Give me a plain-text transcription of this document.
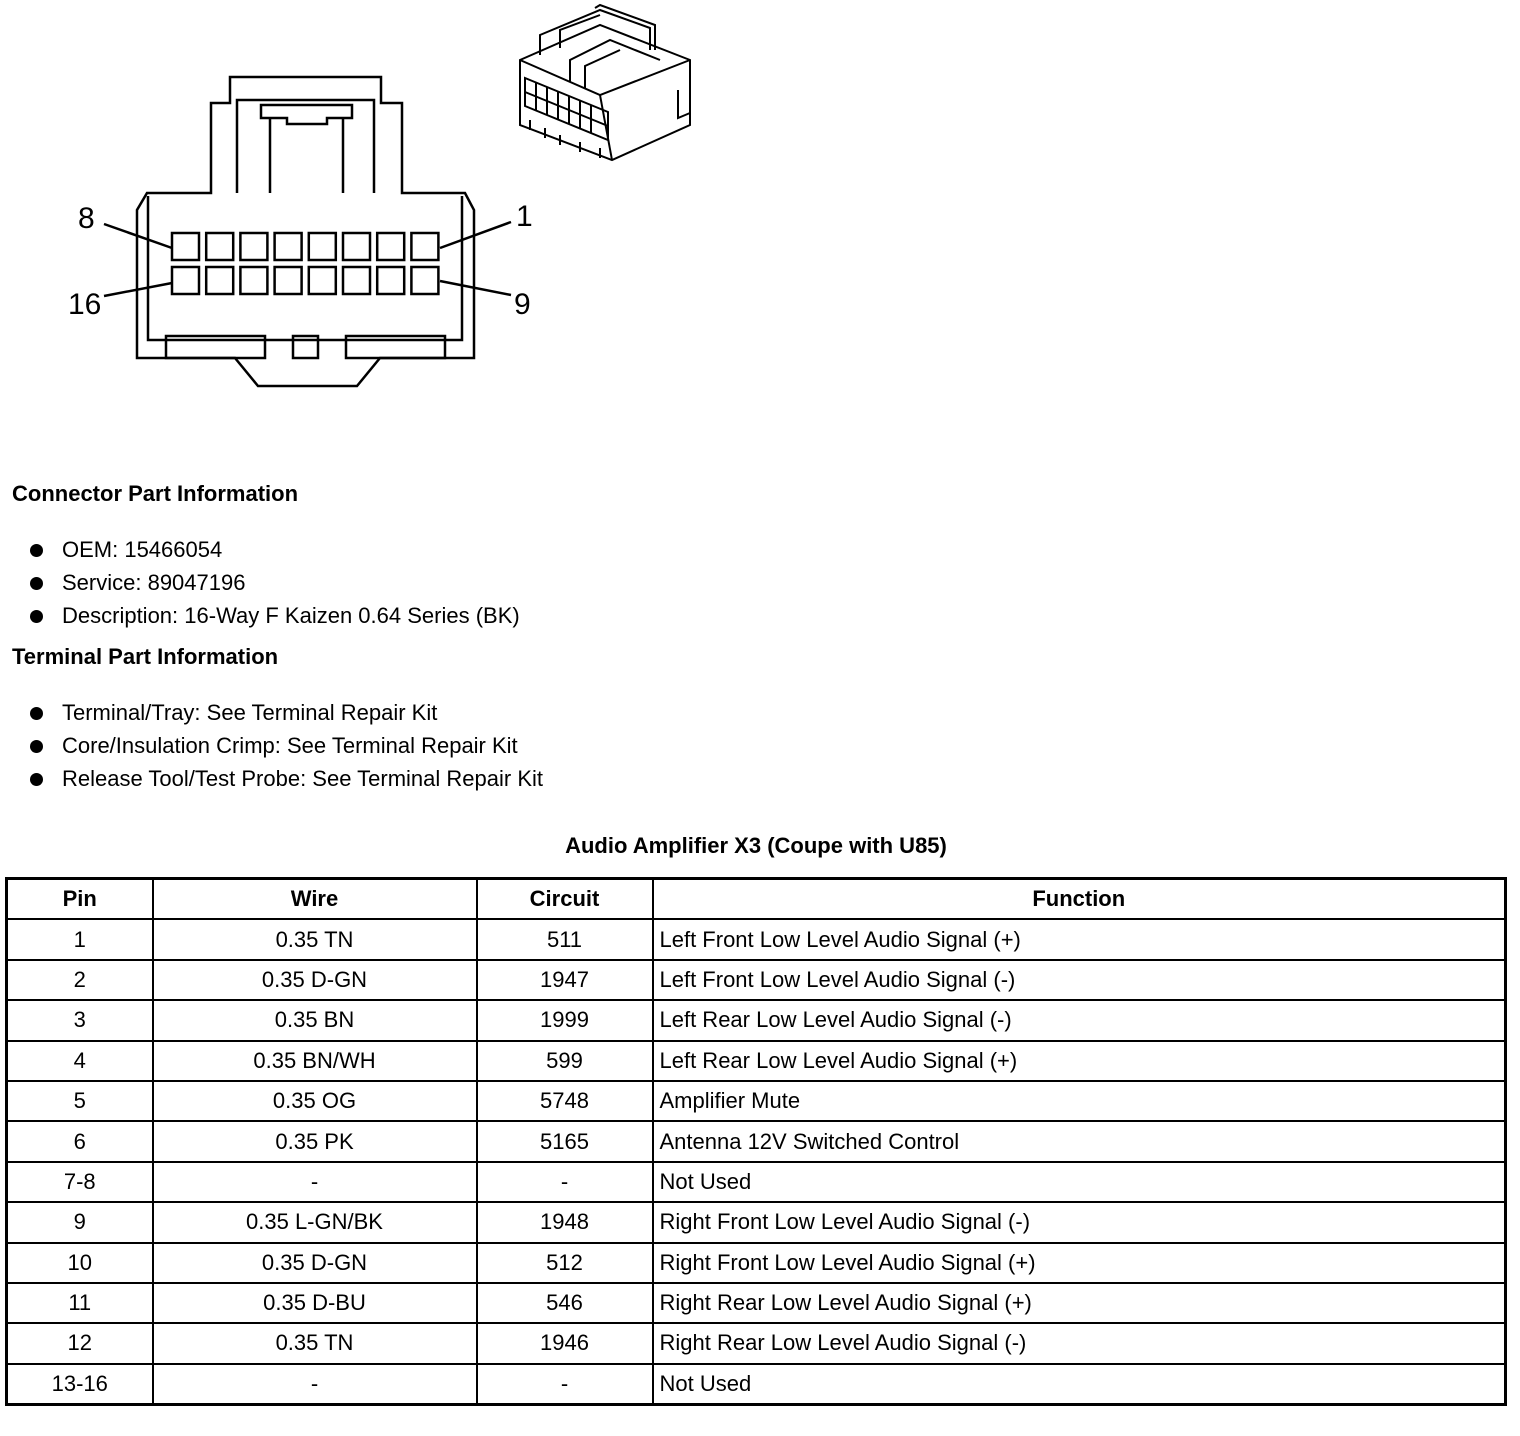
8	1
16	9
Connector Part Information
OEM: 15466054
Service: 89047196
Description: 16-Way F Kaizen 0.64 Series (BK)
Terminal Part Information
Terminal/Tray: See Terminal Repair Kit
Core/Insulation Crimp: See Terminal Repair Kit
Release Tool/Test Probe: See Terminal Repair Kit
Audio Amplifier X3 (Coupe with U85)
Pin	Wire	Circuit	Function
1	0.35 TN	511	Left Front Low Level Audio Signal (+)
2	0.35 D-GN	1947	Left Front Low Level Audio Signal (-)
3	0.35 BN	1999	Left Rear Low Level Audio Signal (-)
4	0.35 BN/WH	599	Left Rear Low Level Audio Signal (+)
5	0.35 OG	5748	Amplifier Mute
6	0.35 PK	5165	Antenna 12V Switched Control
7-8	-	-	Not Used
9	0.35 L-GN/BK	1948	Right Front Low Level Audio Signal (-)
10	0.35 D-GN	512	Right Front Low Level Audio Signal (+)
11	0.35 D-BU	546	Right Rear Low Level Audio Signal (+)
12	0.35 TN	1946	Right Rear Low Level Audio Signal (-)
13-16	-	-	Not Used
